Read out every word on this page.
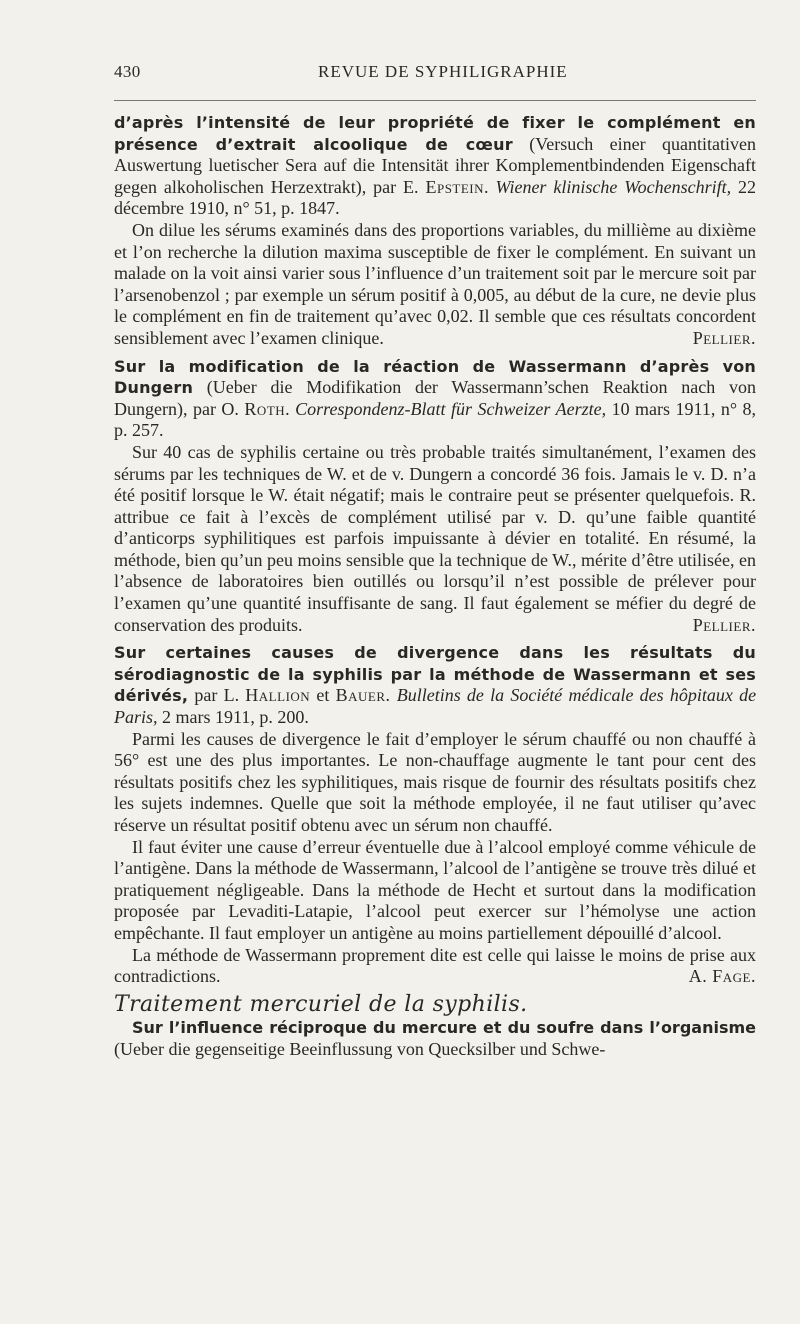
430	REVUE DE SYPHILIGRAPHIE

d’après l’intensité de leur propriété de fixer le complément en présence d’extrait alcoolique de cœur (Versuch einer quantitativen Auswertung luetischer Sera auf die Intensität ihrer Komplementbindenden Eigenschaft gegen alkoholischen Herzextrakt), par E. Epstein. Wiener klinische Wochenschrift, 22 décembre 1910, n° 51, p. 1847.

On dilue les sérums examinés dans des proportions variables, du millième au dixième et l’on recherche la dilution maxima susceptible de fixer le complément. En suivant un malade on la voit ainsi varier sous l’influence d’un traitement soit par le mercure soit par l’arsenobenzol ; par exemple un sérum positif à 0,005, au début de la cure, ne devie plus le complément en fin de traitement qu’avec 0,02. Il semble que ces résultats concordent sensiblement avec l’examen clinique.	Pellier.

Sur la modification de la réaction de Wassermann d’après von Dungern (Ueber die Modifikation der Wassermann’schen Reaktion nach von Dungern), par O. Roth. Correspondenz-Blatt für Schweizer Aerzte, 10 mars 1911, n° 8, p. 257.

Sur 40 cas de syphilis certaine ou très probable traités simultanément, l’examen des sérums par les techniques de W. et de v. Dungern a concordé 36 fois. Jamais le v. D. n’a été positif lorsque le W. était négatif; mais le contraire peut se présenter quelquefois. R. attribue ce fait à l’excès de complément utilisé par v. D. qu’une faible quantité d’anticorps syphilitiques est parfois impuissante à dévier en totalité. En résumé, la méthode, bien qu’un peu moins sensible que la technique de W., mérite d’être utilisée, en l’absence de laboratoires bien outillés ou lorsqu’il n’est possible de prélever pour l’examen qu’une quantité insuffisante de sang. Il faut également se méfier du degré de conservation des produits.	Pellier.

Sur certaines causes de divergence dans les résultats du sérodiagnostic de la syphilis par la méthode de Wassermann et ses dérivés, par L. Hallion et Bauer. Bulletins de la Société médicale des hôpitaux de Paris, 2 mars 1911, p. 200.

Parmi les causes de divergence le fait d’employer le sérum chauffé ou non chauffé à 56° est une des plus importantes. Le non-chauffage augmente le tant pour cent des résultats positifs chez les syphilitiques, mais risque de fournir des résultats positifs chez les sujets indemnes. Quelle que soit la méthode employée, il ne faut utiliser qu’avec réserve un résultat positif obtenu avec un sérum non chauffé.

Il faut éviter une cause d’erreur éventuelle due à l’alcool employé comme véhicule de l’antigène. Dans la méthode de Wassermann, l’alcool de l’antigène se trouve très dilué et pratiquement négligeable. Dans la méthode de Hecht et surtout dans la modification proposée par Levaditi-Latapie, l’alcool peut exercer sur l’hémolyse une action empêchante. Il faut employer un antigène au moins partiellement dépouillé d’alcool.

La méthode de Wassermann proprement dite est celle qui laisse le moins de prise aux contradictions.	A. Fage.

Traitement mercuriel de la syphilis.

Sur l’influence réciproque du mercure et du soufre dans l’organisme (Ueber die gegenseitige Beeinflussung von Quecksilber und Schwe-
